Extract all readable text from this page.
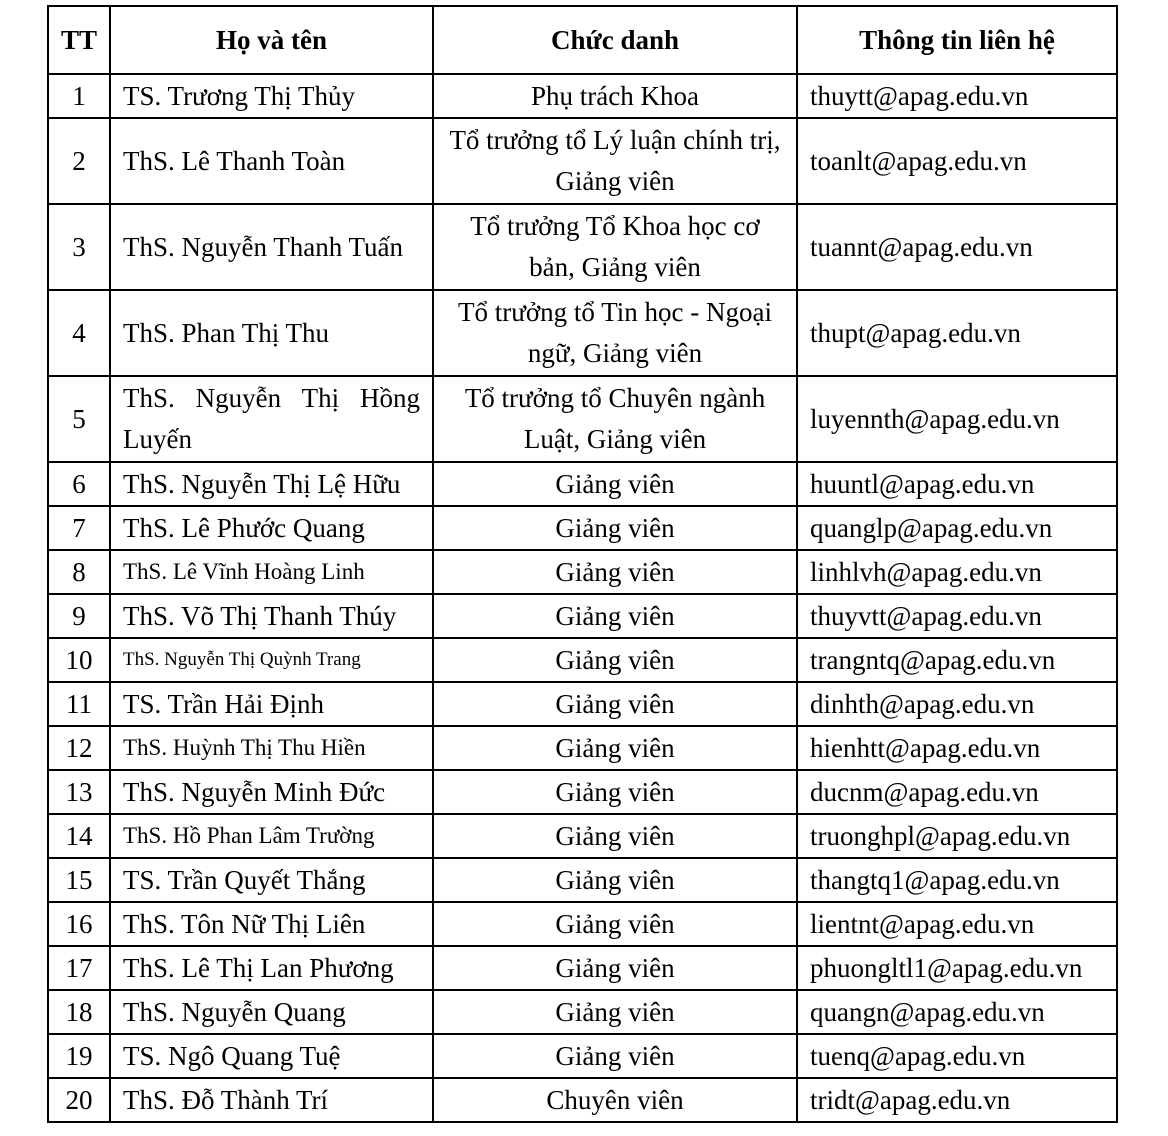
TT	Họ và tên	Chức danh	Thông tin liên hệ
1	TS. Trương Thị Thủy	Phụ trách Khoa	thuytt@apag.edu.vn
2	ThS. Lê Thanh Toàn	Tổ trưởng tổ Lý luận chính trị, Giảng viên	toanlt@apag.edu.vn
3	ThS. Nguyễn Thanh Tuấn	Tổ trưởng Tổ Khoa học cơ bản, Giảng viên	tuannt@apag.edu.vn
4	ThS. Phan Thị Thu	Tổ trưởng tổ Tin học - Ngoại ngữ, Giảng viên	thupt@apag.edu.vn
5	ThS. Nguyễn Thị Hồng Luyến	Tổ trưởng tổ Chuyên ngành Luật, Giảng viên	luyennth@apag.edu.vn
6	ThS. Nguyễn Thị Lệ Hữu	Giảng viên	huuntl@apag.edu.vn
7	ThS. Lê Phước Quang	Giảng viên	quanglp@apag.edu.vn
8	ThS. Lê Vĩnh Hoàng Linh	Giảng viên	linhlvh@apag.edu.vn
9	ThS. Võ Thị Thanh Thúy	Giảng viên	thuyvtt@apag.edu.vn
10	ThS. Nguyễn Thị Quỳnh Trang	Giảng viên	trangntq@apag.edu.vn
11	TS. Trần Hải Định	Giảng viên	dinhth@apag.edu.vn
12	ThS. Huỳnh Thị Thu Hiền	Giảng viên	hienhtt@apag.edu.vn
13	ThS. Nguyễn Minh Đức	Giảng viên	ducnm@apag.edu.vn
14	ThS. Hồ Phan Lâm Trường	Giảng viên	truonghpl@apag.edu.vn
15	TS. Trần Quyết Thắng	Giảng viên	thangtq1@apag.edu.vn
16	ThS. Tôn Nữ Thị Liên	Giảng viên	lientnt@apag.edu.vn
17	ThS. Lê Thị Lan Phương	Giảng viên	phuongltl1@apag.edu.vn
18	ThS. Nguyễn Quang	Giảng viên	quangn@apag.edu.vn
19	TS. Ngô Quang Tuệ	Giảng viên	tuenq@apag.edu.vn
20	ThS. Đỗ Thành Trí	Chuyên viên	tridt@apag.edu.vn
